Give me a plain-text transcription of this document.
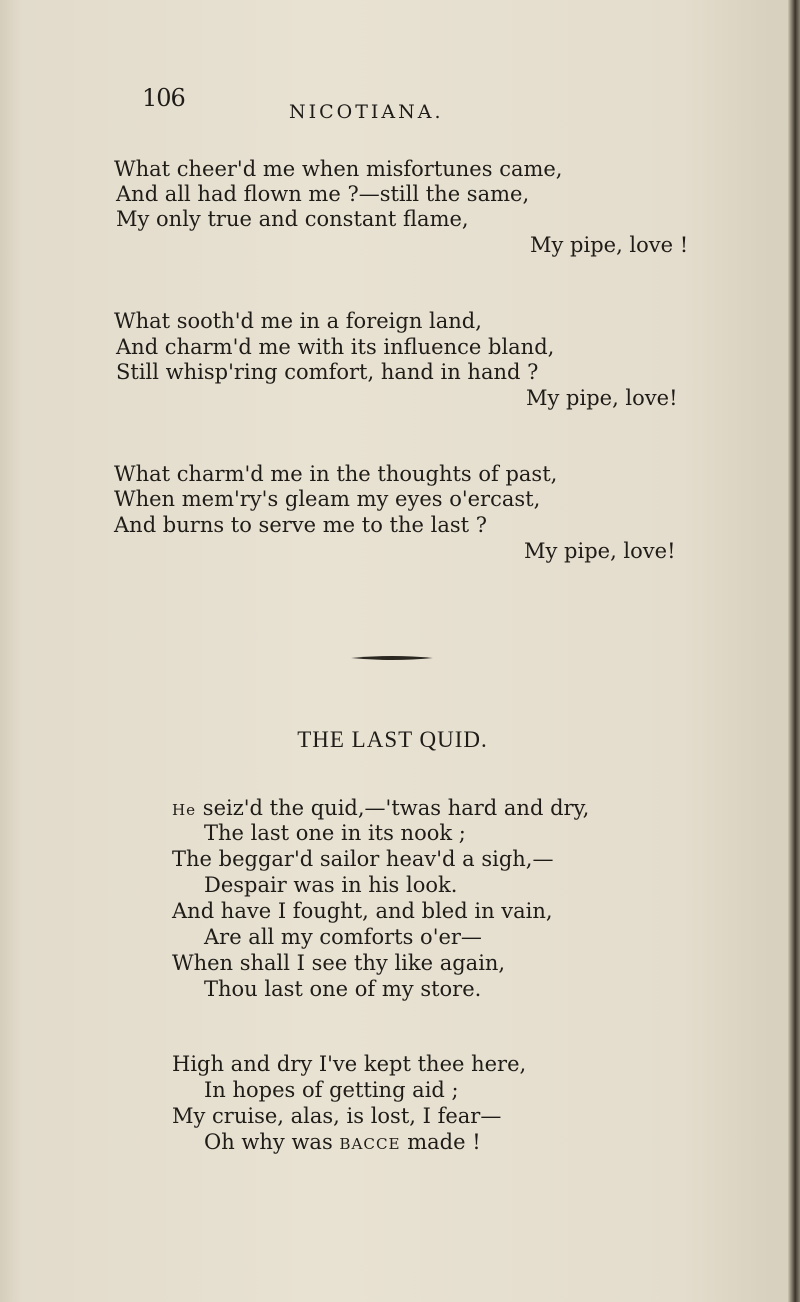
106	NICOTIANA.
What cheer'd me when misfortunes came,
And all had flown me ?—still the same,
My only true and constant flame,
My pipe, love !
What sooth'd me in a foreign land,
And charm'd me with its influence bland,
Still whisp'ring comfort, hand in hand ?
My pipe, love!
What charm'd me in the thoughts of past,
When mem'ry's gleam my eyes o'ercast,
And burns to serve me to the last ?
My pipe, love!
THE LAST QUID.
He seiz'd the quid,—'twas hard and dry,
The last one in its nook ;
The beggar'd sailor heav'd a sigh,—
Despair was in his look.
And have I fought, and bled in vain,
Are all my comforts o'er—
When shall I see thy like again,
Thou last one of my store.
High and dry I've kept thee here,
In hopes of getting aid ;
My cruise, alas, is lost, I fear—
Oh why was BACCE made !
